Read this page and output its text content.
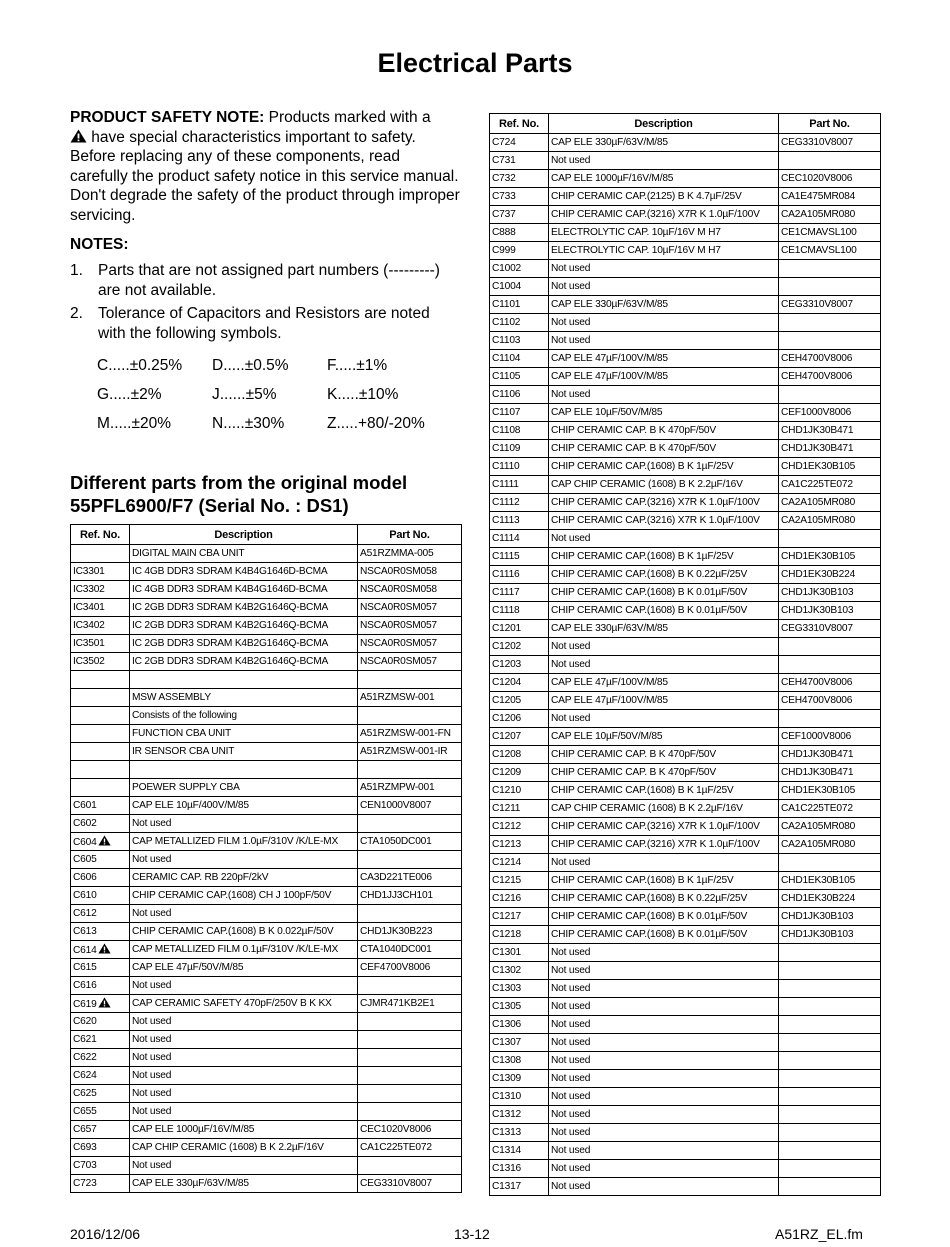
Electrical Parts
PRODUCT SAFETY NOTE: Products marked with a
have special characteristics important to safety. Before replacing any of these components, read carefully the product safety notice in this service manual. Don't degrade the safety of the product through improper servicing.
NOTES:
1. Parts that are not assigned part numbers (---------) are not available.
2. Tolerance of Capacitors and Resistors are noted with the following symbols.
C.....±0.25% D.....±0.5% F.....±1%
G.....±2%	J......±5%	K.....±10%
M.....±20%	N.....±30%	Z.....+80/-20%
Different parts from the original model
55PFL6900/F7 (Serial No. : DS1)
Ref. No.	Description	Part No.
	DIGITAL MAIN CBA UNIT	A51RZMMA-005
IC3301	IC 4GB DDR3 SDRAM K4B4G1646D-BCMA	NSCA0R0SM058
IC3302	IC 4GB DDR3 SDRAM K4B4G1646D-BCMA	NSCA0R0SM058
IC3401	IC 2GB DDR3 SDRAM K4B2G1646Q-BCMA	NSCA0R0SM057
IC3402	IC 2GB DDR3 SDRAM K4B2G1646Q-BCMA	NSCA0R0SM057
IC3501	IC 2GB DDR3 SDRAM K4B2G1646Q-BCMA	NSCA0R0SM057
IC3502	IC 2GB DDR3 SDRAM K4B2G1646Q-BCMA	NSCA0R0SM057

	MSW ASSEMBLY	A51RZMSW-001
	Consists of the following	
	FUNCTION CBA UNIT	A51RZMSW-001-FN
	IR SENSOR CBA UNIT	A51RZMSW-001-IR

	POEWER SUPPLY CBA	A51RZMPW-001
C601	CAP ELE 10µF/400V/M/85	CEN1000V8007
C602	Not used	
C604	CAP METALLIZED FILM 1.0µF/310V /K/LE-MX	CTA1050DC001
C605	Not used	
C606	CERAMIC CAP. RB 220pF/2kV	CA3D221TE006
C610	CHIP CERAMIC CAP.(1608) CH J 100pF/50V	CHD1JJ3CH101
C612	Not used	
C613	CHIP CERAMIC CAP.(1608) B K 0.022µF/50V	CHD1JK30B223
C614	CAP METALLIZED FILM 0.1µF/310V /K/LE-MX	CTA1040DC001
C615	CAP ELE 47µF/50V/M/85	CEF4700V8006
C616	Not used	
C619	CAP CERAMIC SAFETY 470pF/250V B K KX	CJMR471KB2E1
C620	Not used	
C621	Not used	
C622	Not used	
C624	Not used	
C625	Not used	
C655	Not used	
C657	CAP ELE 1000µF/16V/M/85	CEC1020V8006
C693	CAP CHIP CERAMIC (1608) B K 2.2µF/16V	CA1C225TE072
C703	Not used	
C723	CAP ELE 330µF/63V/M/85	CEG3310V8007
Ref. No.	Description	Part No.
C724	CAP ELE 330µF/63V/M/85	CEG3310V8007
C731	Not used	
C732	CAP ELE 1000µF/16V/M/85	CEC1020V8006
C733	CHIP CERAMIC CAP.(2125) B K 4.7µF/25V	CA1E475MR084
C737	CHIP CERAMIC CAP.(3216) X7R K 1.0µF/100V	CA2A105MR080
C888	ELECTROLYTIC CAP. 10µF/16V M H7	CE1CMAVSL100
C999	ELECTROLYTIC CAP. 10µF/16V M H7	CE1CMAVSL100
C1002	Not used	
C1004	Not used	
C1101	CAP ELE 330µF/63V/M/85	CEG3310V8007
C1102	Not used	
C1103	Not used	
C1104	CAP ELE 47µF/100V/M/85	CEH4700V8006
C1105	CAP ELE 47µF/100V/M/85	CEH4700V8006
C1106	Not used	
C1107	CAP ELE 10µF/50V/M/85	CEF1000V8006
C1108	CHIP CERAMIC CAP. B K 470pF/50V	CHD1JK30B471
C1109	CHIP CERAMIC CAP. B K 470pF/50V	CHD1JK30B471
C1110	CHIP CERAMIC CAP.(1608) B K 1µF/25V	CHD1EK30B105
C1111	CAP CHIP CERAMIC (1608) B K 2.2µF/16V	CA1C225TE072
C1112	CHIP CERAMIC CAP.(3216) X7R K 1.0µF/100V	CA2A105MR080
C1113	CHIP CERAMIC CAP.(3216) X7R K 1.0µF/100V	CA2A105MR080
C1114	Not used	
C1115	CHIP CERAMIC CAP.(1608) B K 1µF/25V	CHD1EK30B105
C1116	CHIP CERAMIC CAP.(1608) B K 0.22µF/25V	CHD1EK30B224
C1117	CHIP CERAMIC CAP.(1608) B K 0.01µF/50V	CHD1JK30B103
C1118	CHIP CERAMIC CAP.(1608) B K 0.01µF/50V	CHD1JK30B103
C1201	CAP ELE 330µF/63V/M/85	CEG3310V8007
C1202	Not used	
C1203	Not used	
C1204	CAP ELE 47µF/100V/M/85	CEH4700V8006
C1205	CAP ELE 47µF/100V/M/85	CEH4700V8006
C1206	Not used	
C1207	CAP ELE 10µF/50V/M/85	CEF1000V8006
C1208	CHIP CERAMIC CAP. B K 470pF/50V	CHD1JK30B471
C1209	CHIP CERAMIC CAP. B K 470pF/50V	CHD1JK30B471
C1210	CHIP CERAMIC CAP.(1608) B K 1µF/25V	CHD1EK30B105
C1211	CAP CHIP CERAMIC (1608) B K 2.2µF/16V	CA1C225TE072
C1212	CHIP CERAMIC CAP.(3216) X7R K 1.0µF/100V	CA2A105MR080
C1213	CHIP CERAMIC CAP.(3216) X7R K 1.0µF/100V	CA2A105MR080
C1214	Not used	
C1215	CHIP CERAMIC CAP.(1608) B K 1µF/25V	CHD1EK30B105
C1216	CHIP CERAMIC CAP.(1608) B K 0.22µF/25V	CHD1EK30B224
C1217	CHIP CERAMIC CAP.(1608) B K 0.01µF/50V	CHD1JK30B103
C1218	CHIP CERAMIC CAP.(1608) B K 0.01µF/50V	CHD1JK30B103
C1301	Not used	
C1302	Not used	
C1303	Not used	
C1305	Not used	
C1306	Not used	
C1307	Not used	
C1308	Not used	
C1309	Not used	
C1310	Not used	
C1312	Not used	
C1313	Not used	
C1314	Not used	
C1316	Not used	
C1317	Not used	
2016/12/06	13-12	A51RZ_EL.fm
